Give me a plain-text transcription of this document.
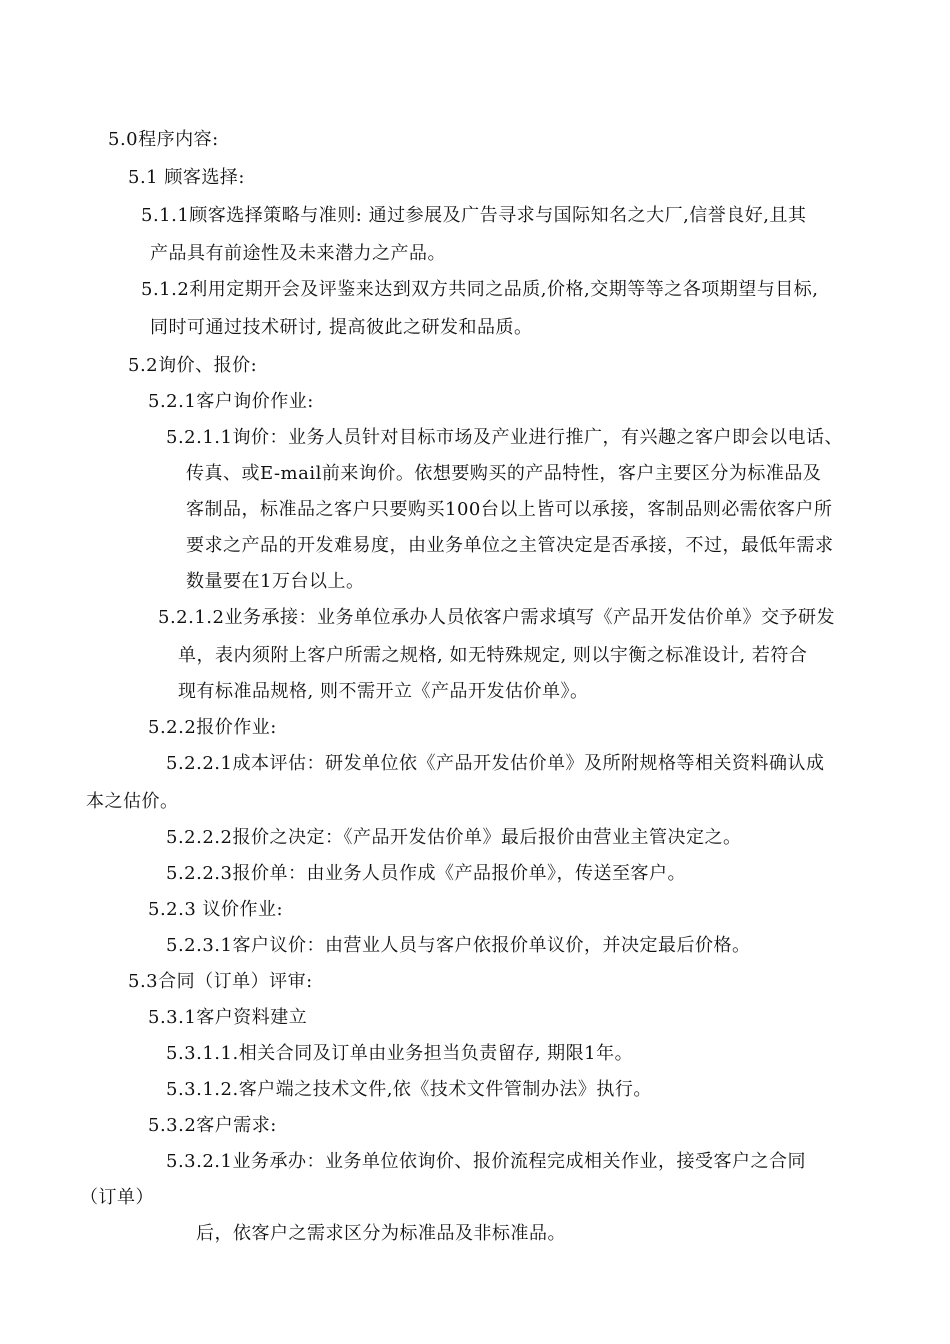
5.0程序内容:
5.1 顾客选择:
5.1.1顾客选择策略与准则: 通过参展及广告寻求与国际知名之大厂,信誉良好,且其
产品具有前途性及未来潜力之产品。
5.1.2利用定期开会及评鉴来达到双方共同之品质,价格,交期等等之各项期望与目标,
同时可通过技术研讨, 提高彼此之研发和品质。
5.2询价、报价:
5.2.1客户询价作业:
5.2.1.1询价：业务人员针对目标市场及产业进行推广，有兴趣之客户即会以电话、
传真、或E-mail前来询价。依想要购买的产品特性，客户主要区分为标准品及
客制品，标准品之客户只要购买100台以上皆可以承接，客制品则必需依客户所
要求之产品的开发难易度，由业务单位之主管决定是否承接，不过，最低年需求
数量要在1万台以上。
5.2.1.2业务承接：业务单位承办人员依客户需求填写《产品开发估价单》交予研发
单，表内须附上客户所需之规格, 如无特殊规定, 则以宇衡之标准设计, 若符合
现有标准品规格, 则不需开立《产品开发估价单》。
5.2.2报价作业:
5.2.2.1成本评估：研发单位依《产品开发估价单》及所附规格等相关资料确认成
本之估价。
5.2.2.2报价之决定：《产品开发估价单》最后报价由营业主管决定之。
5.2.2.3报价单：由业务人员作成《产品报价单》，传送至客户。
5.2.3 议价作业:
5.2.3.1客户议价：由营业人员与客户依报价单议价，并决定最后价格。
5.3合同（订单）评审:
5.3.1客户资料建立
5.3.1.1.相关合同及订单由业务担当负责留存, 期限1年。
5.3.1.2.客户端之技术文件,依《技术文件管制办法》执行。
5.3.2客户需求:
5.3.2.1业务承办：业务单位依询价、报价流程完成相关作业，接受客户之合同
（订单）
后，依客户之需求区分为标准品及非标准品。
